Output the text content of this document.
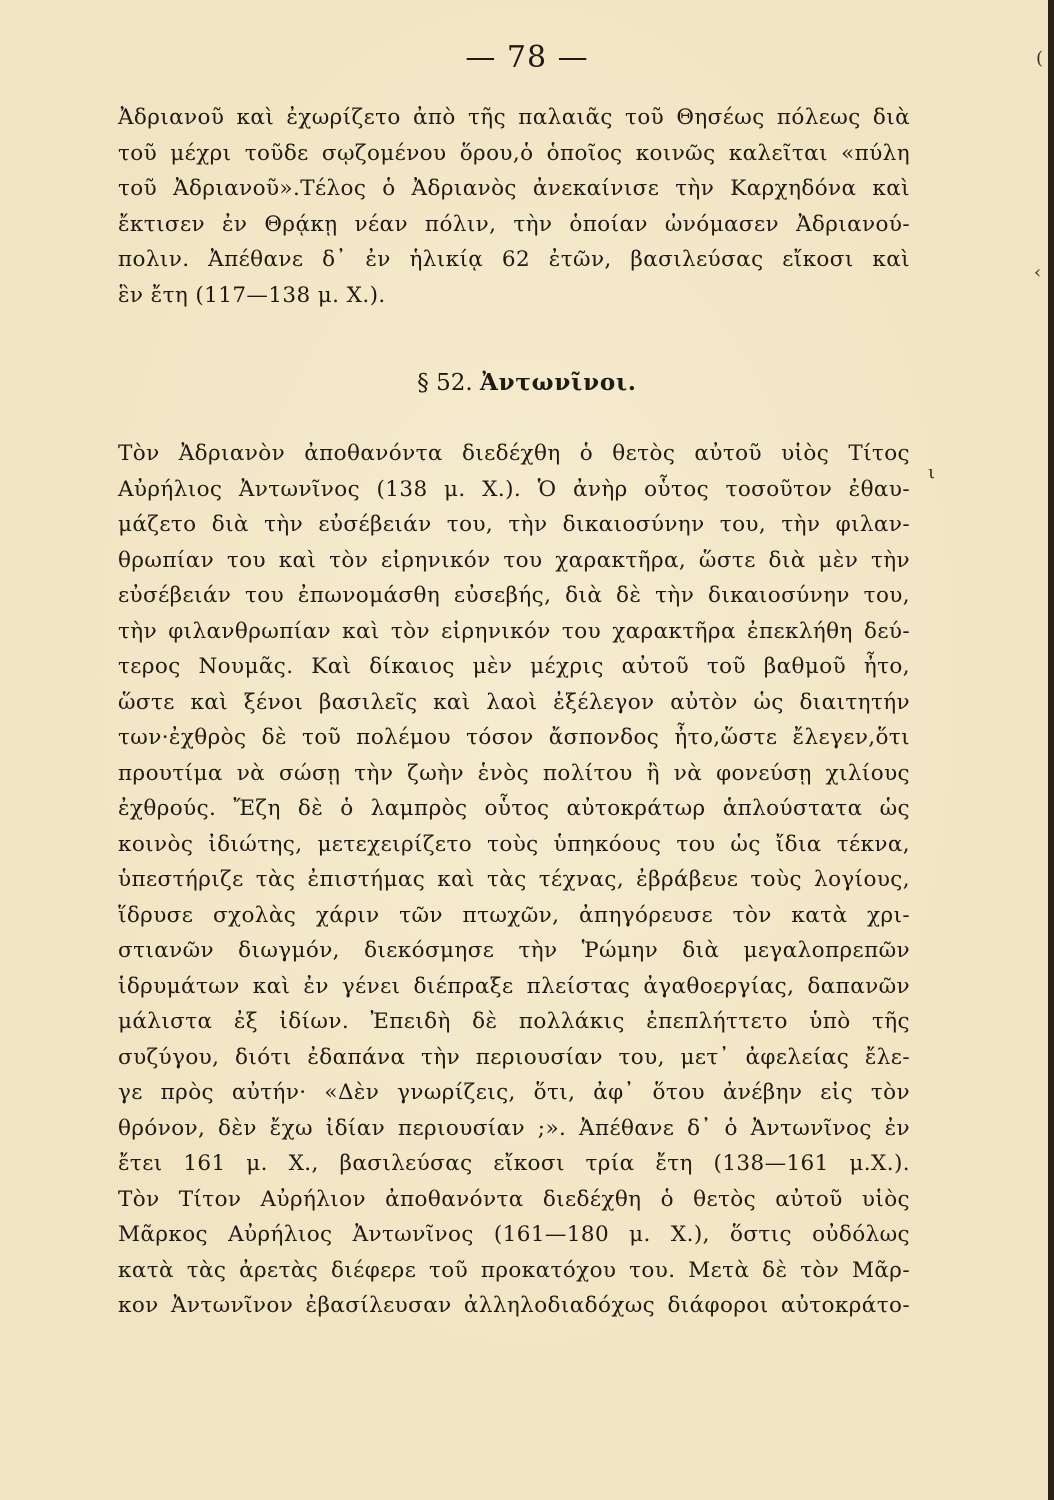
— 78 —
Ἀδριανοῦ καὶ ἐχωρίζετο ἀπὸ τῆς παλαιᾶς τοῦ Θησέως πόλεως διὰ
τοῦ μέχρι τοῦδε σῳζομένου ὅρου,ὁ ὁποῖος κοινῶς καλεῖται «πύλη
τοῦ Ἀδριανοῦ».Τέλος ὁ Ἀδριανὸς ἀνεκαίνισε τὴν Καρχηδόνα καὶ
ἔκτισεν ἐν Θρᾴκῃ νέαν πόλιν, τὴν ὁποίαν ὠνόμασεν Ἀδριανού-
πολιν. Ἀπέθανε δ᾽ ἐν ἡλικίᾳ 62 ἐτῶν, βασιλεύσας εἴκοσι καὶ
ἓν ἔτη (117—138 μ. Χ.).
§ 52. Ἀντωνῖνοι.
Τὸν Ἀδριανὸν ἀποθανόντα διεδέχθη ὁ θετὸς αὐτοῦ υἱὸς Τίτος
Αὐρήλιος Ἀντωνῖνος (138 μ. Χ.). Ὁ ἀνὴρ οὗτος τοσοῦτον ἐθαυ-
μάζετο διὰ τὴν εὐσέβειάν του, τὴν δικαιοσύνην του, τὴν φιλαν-
θρωπίαν του καὶ τὸν εἰρηνικόν του χαρακτῆρα, ὥστε διὰ μὲν τὴν
εὐσέβειάν του ἐπωνομάσθη εὐσεβής, διὰ δὲ τὴν δικαιοσύνην του,
τὴν φιλανθρωπίαν καὶ τὸν εἰρηνικόν του χαρακτῆρα ἐπεκλήθη δεύ-
τερος Νουμᾶς. Καὶ δίκαιος μὲν μέχρις αὐτοῦ τοῦ βαθμοῦ ἦτο,
ὥστε καὶ ξένοι βασιλεῖς καὶ λαοὶ ἐξέλεγον αὐτὸν ὡς διαιτητήν
των·ἐχθρὸς δὲ τοῦ πολέμου τόσον ἄσπονδος ἦτο,ὥστε ἔλεγεν,ὅτι
προυτίμα νὰ σώσῃ τὴν ζωὴν ἑνὸς πολίτου ἢ νὰ φονεύσῃ χιλίους
ἐχθρούς. Ἔζη δὲ ὁ λαμπρὸς οὗτος αὐτοκράτωρ ἁπλούστατα ὡς
κοινὸς ἰδιώτης, μετεχειρίζετο τοὺς ὑπηκόους του ὡς ἴδια τέκνα,
ὑπεστήριζε τὰς ἐπιστήμας καὶ τὰς τέχνας, ἐβράβευε τοὺς λογίους,
ἵδρυσε σχολὰς χάριν τῶν πτωχῶν, ἀπηγόρευσε τὸν κατὰ χρι-
στιανῶν διωγμόν, διεκόσμησε τὴν Ῥώμην διὰ μεγαλοπρεπῶν
ἱδρυμάτων καὶ ἐν γένει διέπραξε πλείστας ἀγαθοεργίας, δαπανῶν
μάλιστα ἐξ ἰδίων. Ἐπειδὴ δὲ πολλάκις ἐπεπλήττετο ὑπὸ τῆς
συζύγου, διότι ἐδαπάνα τὴν περιουσίαν του, μετ᾽ ἀφελείας ἔλε-
γε πρὸς αὐτήν· «Δὲν γνωρίζεις, ὅτι, ἀφ᾽ ὅτου ἀνέβην εἰς τὸν
θρόνον, δὲν ἔχω ἰδίαν περιουσίαν ;». Ἀπέθανε δ᾽ ὁ Ἀντωνῖνος ἐν
ἔτει 161 μ. Χ., βασιλεύσας εἴκοσι τρία ἔτη (138—161 μ.Χ.).
Τὸν Τίτον Αὐρήλιον ἀποθανόντα διεδέχθη ὁ θετὸς αὐτοῦ υἱὸς
Μᾶρκος Αὐρήλιος Ἀντωνῖνος (161—180 μ. Χ.), ὅστις οὐδόλως
κατὰ τὰς ἀρετὰς διέφερε τοῦ προκατόχου του. Μετὰ δὲ τὸν Μᾶρ-
κον Ἀντωνῖνον ἐβασίλευσαν ἀλληλοδιαδόχως διάφοροι αὐτοκράτο-
(
‹
ι
